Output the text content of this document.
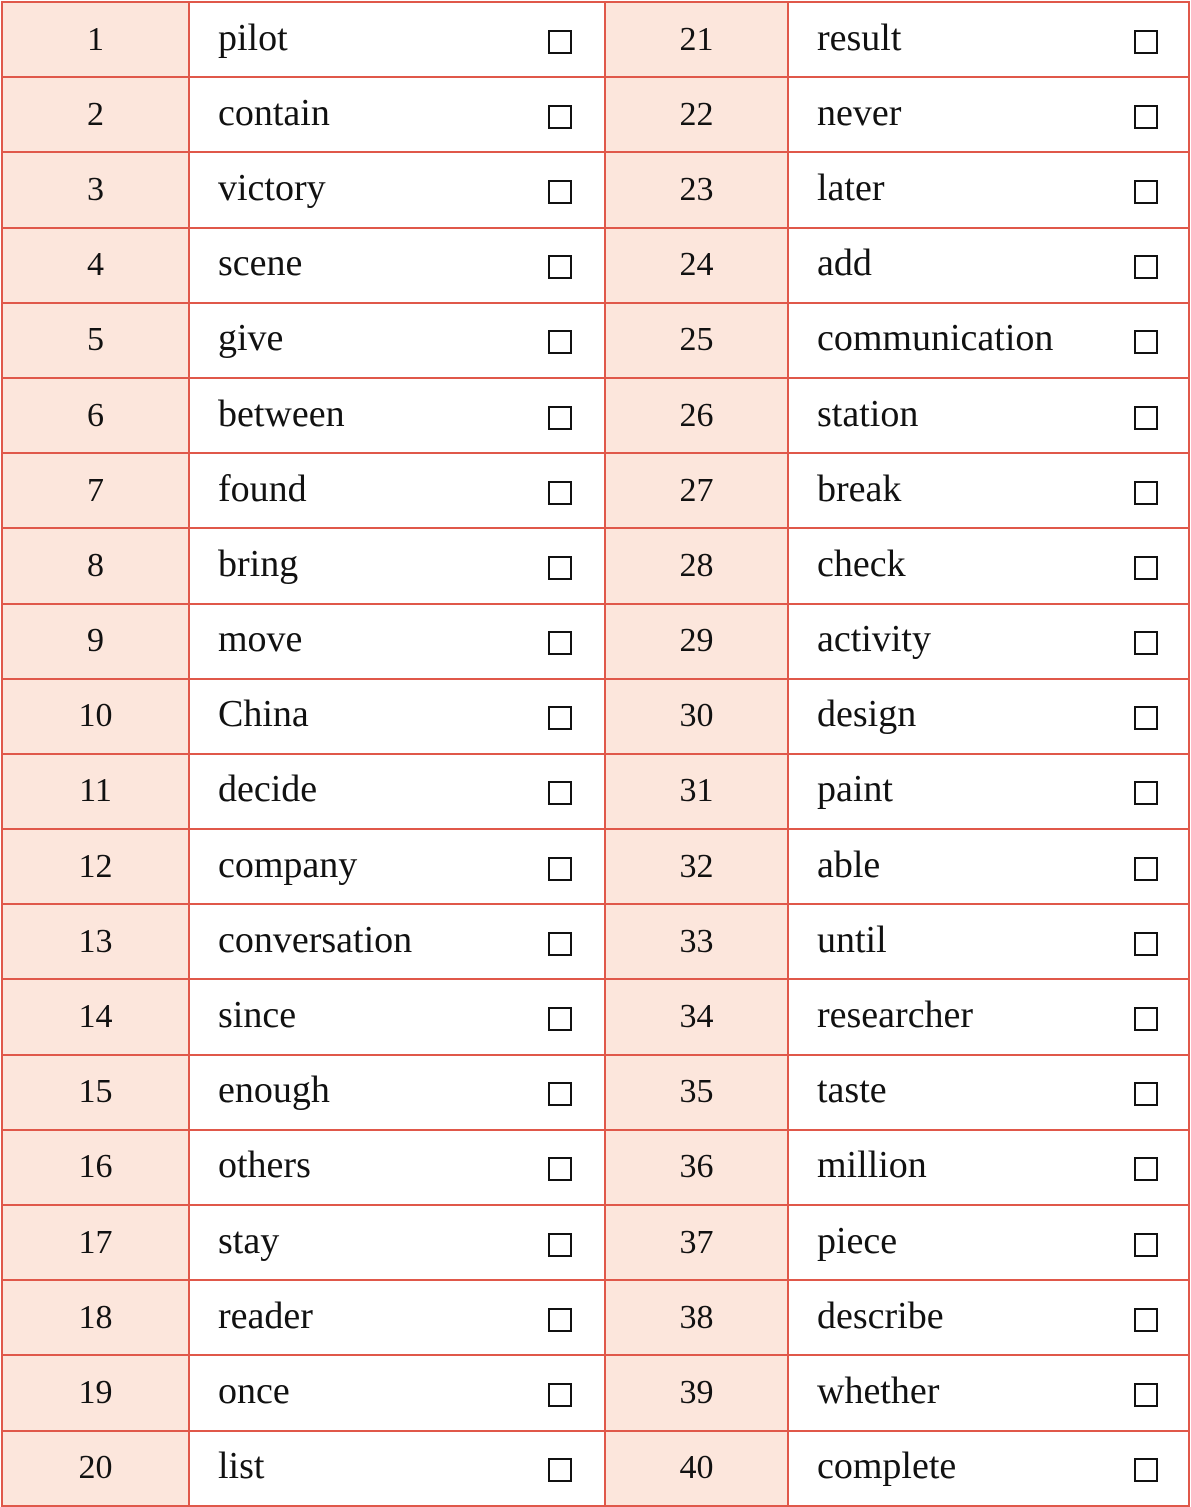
1	pilot	21	result

2	contain	22	never

3	victory	23	later

4	scene	24	add

5	give	25	communication

6	between	26	station

7	found	27	break

8	bring	28	check

9	move	29	activity

10	China	30	design

11	decide	31	paint

12	company	32	able

13	conversation	33	until

14	since	34	researcher

15	enough	35	taste

16	others	36	million

17	stay	37	piece

18	reader	38	describe

19	once	39	whether

20	list	40	complete
